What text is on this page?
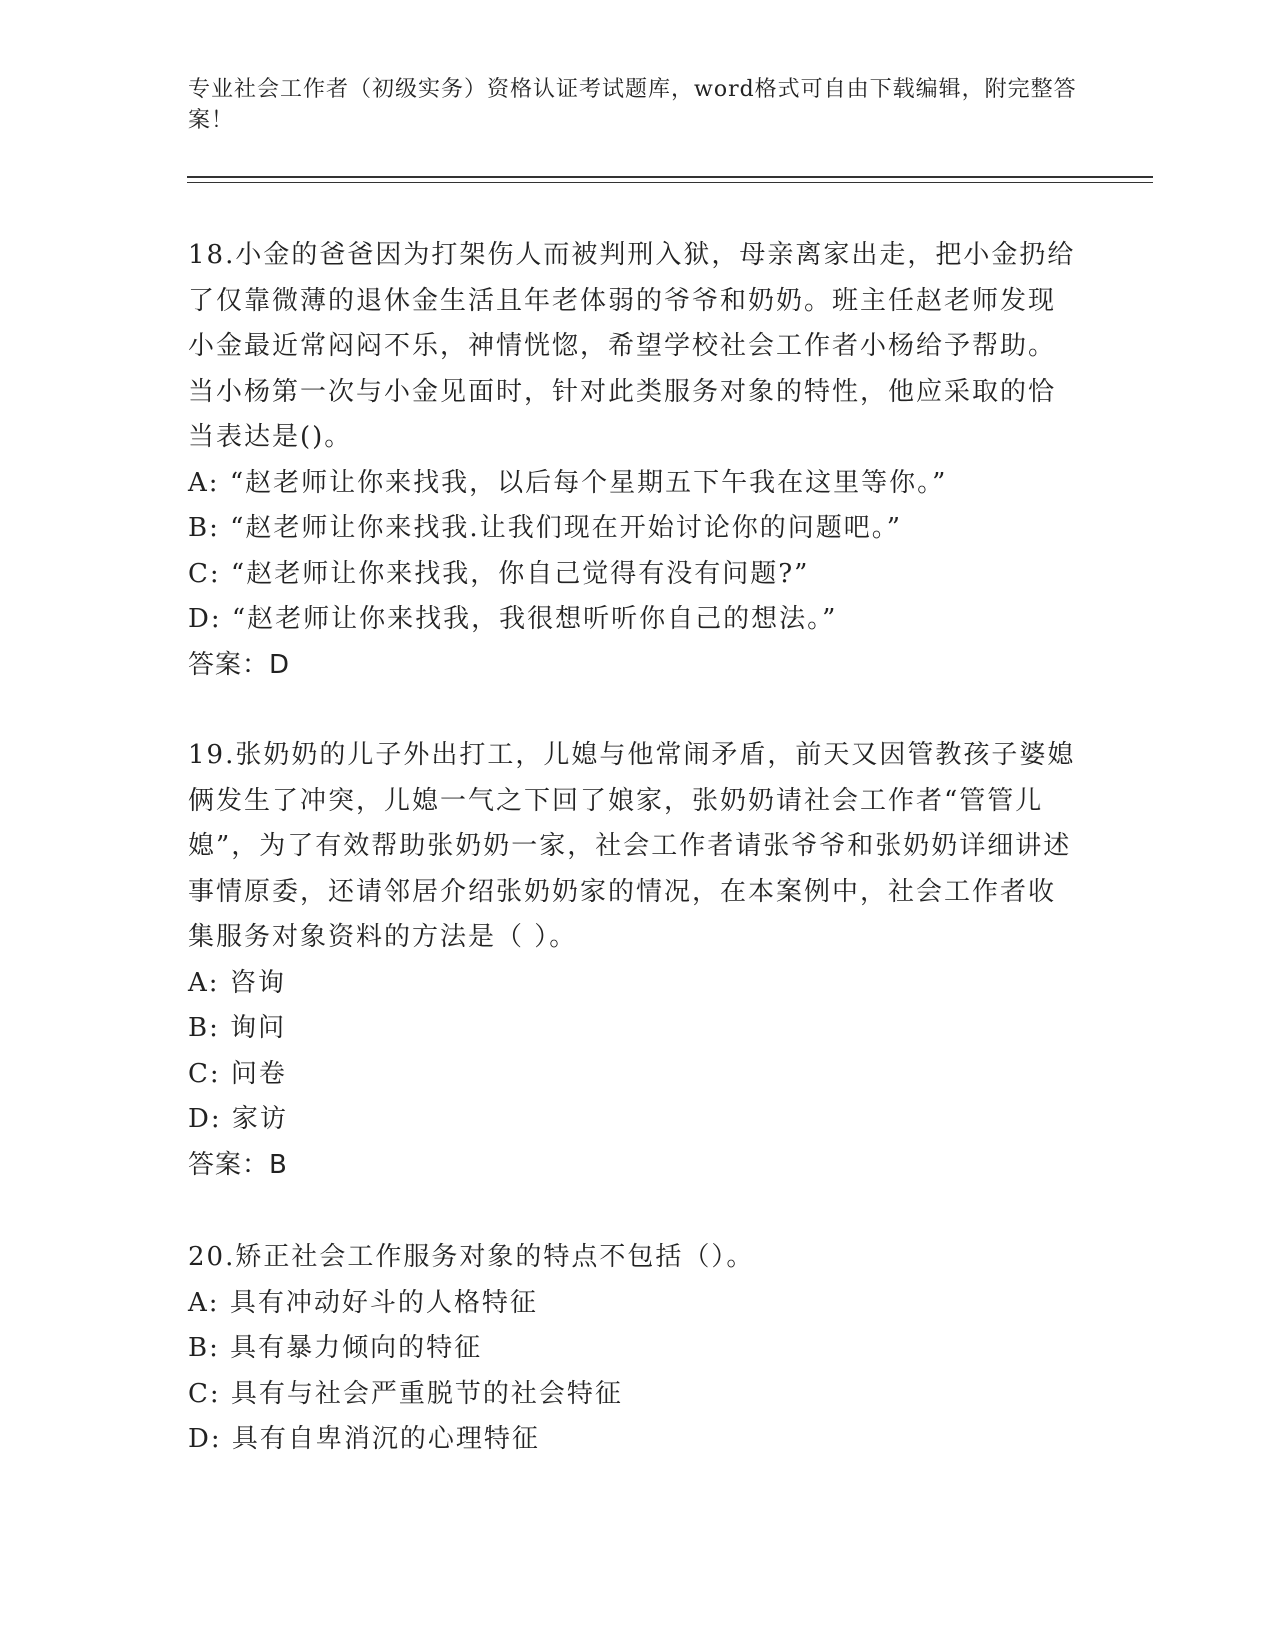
专业社会工作者（初级实务）资格认证考试题库，word格式可自由下载编辑，附完整答案！

18.小金的爸爸因为打架伤人而被判刑入狱，母亲离家出走，把小金扔给了仅靠微薄的退休金生活且年老体弱的爷爷和奶奶。班主任赵老师发现小金最近常闷闷不乐，神情恍惚，希望学校社会工作者小杨给予帮助。当小杨第一次与小金见面时，针对此类服务对象的特性，他应采取的恰当表达是()。

A: “赵老师让你来找我，以后每个星期五下午我在这里等你。”

B: “赵老师让你来找我.让我们现在开始讨论你的问题吧。”

C: “赵老师让你来找我，你自己觉得有没有问题?”

D: “赵老师让你来找我，我很想听听你自己的想法。”

答案：D

19.张奶奶的儿子外出打工，儿媳与他常闹矛盾，前天又因管教孩子婆媳俩发生了冲突，儿媳一气之下回了娘家，张奶奶请社会工作者“管管儿媳”，为了有效帮助张奶奶一家，社会工作者请张爷爷和张奶奶详细讲述事情原委，还请邻居介绍张奶奶家的情况，在本案例中，社会工作者收集服务对象资料的方法是（ ）。

A: 咨询

B: 询问

C: 问卷

D: 家访

答案：B

20.矫正社会工作服务对象的特点不包括（）。

A: 具有冲动好斗的人格特征

B: 具有暴力倾向的特征

C: 具有与社会严重脱节的社会特征

D: 具有自卑消沉的心理特征
